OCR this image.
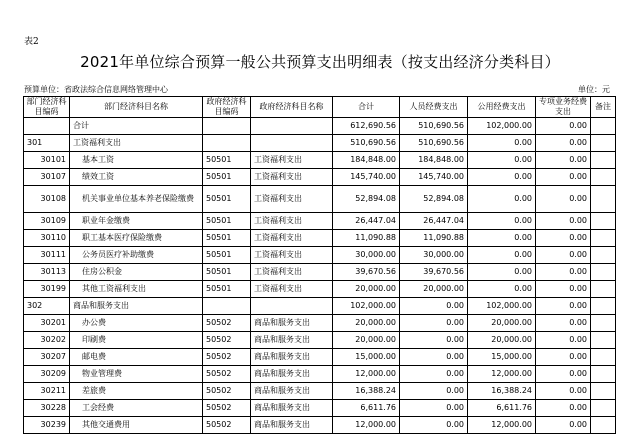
表2
2021年单位综合预算一般公共预算支出明细表（按支出经济分类科目）
预算单位：省政法综合信息网络管理中心	单位：元
部门经济科目编码	部门经济科目名称	政府经济科目编码	政府经济科目名称	合计	人员经费支出	公用经费支出	专项业务经费支出	备注
	合计			612,690.56	510,690.56	102,000.00	0.00	
301	工资福利支出			510,690.56	510,690.56	0.00	0.00	
30101	基本工资	50501	工资福利支出	184,848.00	184,848.00	0.00	0.00	
30107	绩效工资	50501	工资福利支出	145,740.00	145,740.00	0.00	0.00	
30108	机关事业单位基本养老保险缴费	50501	工资福利支出	52,894.08	52,894.08	0.00	0.00	
30109	职业年金缴费	50501	工资福利支出	26,447.04	26,447.04	0.00	0.00	
30110	职工基本医疗保险缴费	50501	工资福利支出	11,090.88	11,090.88	0.00	0.00	
30111	公务员医疗补助缴费	50501	工资福利支出	30,000.00	30,000.00	0.00	0.00	
30113	住房公积金	50501	工资福利支出	39,670.56	39,670.56	0.00	0.00	
30199	其他工资福利支出	50501	工资福利支出	20,000.00	20,000.00	0.00	0.00	
302	商品和服务支出			102,000.00	0.00	102,000.00	0.00	
30201	办公费	50502	商品和服务支出	20,000.00	0.00	20,000.00	0.00	
30202	印刷费	50502	商品和服务支出	20,000.00	0.00	20,000.00	0.00	
30207	邮电费	50502	商品和服务支出	15,000.00	0.00	15,000.00	0.00	
30209	物业管理费	50502	商品和服务支出	12,000.00	0.00	12,000.00	0.00	
30211	差旅费	50502	商品和服务支出	16,388.24	0.00	16,388.24	0.00	
30228	工会经费	50502	商品和服务支出	6,611.76	0.00	6,611.76	0.00	
30239	其他交通费用	50502	商品和服务支出	12,000.00	0.00	12,000.00	0.00	
